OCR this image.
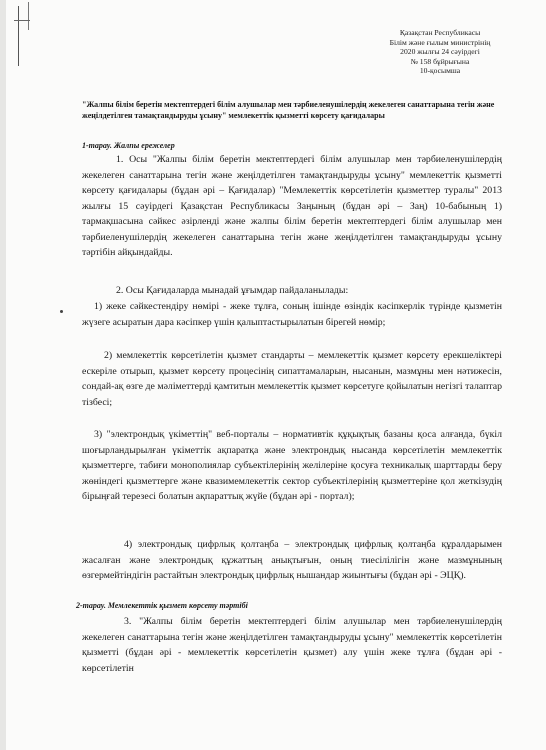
Қазақстан Республикасы
Білім және ғылым министрінің
2020 жылғы 24 сәуірдегі
№ 158 бұйрығына
10-қосымша
"Жалпы білім беретін мектептердегі білім алушылар мен тәрбиеленушілердің жекелеген санаттарына тегін және жеңілдетілген тамақтандыруды ұсыну" мемлекеттік қызметті көрсету қағидалары
1-тарау. Жалпы ережелер
1. Осы "Жалпы білім беретін мектептердегі білім алушылар мен тәрбиеленушілердің жекелеген санаттарына тегін және жеңілдетілген тамақтандыруды ұсыну" мемлекеттік қызметті көрсету қағидалары (бұдан әрі – Қағидалар) "Мемлекеттік көрсетілетін қызметтер туралы" 2013 жылғы 15 сәуірдегі Қазақстан Республикасы Заңының (бұдан әрі – Заң) 10-бабының 1) тармақшасына сәйкес әзірлендi және жалпы білім беретін мектептердегі білім алушылар мен тәрбиеленушілердің жекелеген санаттарына тегін және жеңілдетілген тамақтандыруды ұсыну тәртібін айқындайды.
2. Осы Қағидаларда мынадай ұғымдар пайдаланылады:
1) жеке сәйкестендіру нөмірі - жеке тұлға, соның ішінде өзіндік кәсіпкерлік түрінде қызметін жүзеге асыратын дара кәсіпкер үшін қалыптастырылатын бірегей нөмір;
2) мемлекеттік көрсетілетін қызмет стандарты – мемлекеттік қызмет көрсету ерекшеліктері ескеріле отырып, қызмет көрсету процесінің сипаттамаларын, нысанын, мазмұны мен нәтижесін, сондай-ақ өзге де мәліметтерді қамтитын мемлекеттік қызмет көрсетуге қойылатын негізгі талаптар тізбесі;
3) "электрондық үкіметтің" веб-порталы – нормативтік құқықтық базаны қоса алғанда, бүкіл шоғырландырылған үкіметтік ақпаратқа және электрондық нысанда көрсетілетін мемлекеттік қызметтерге, табиғи монополиялар субъектілерінің желілеріне қосуға техникалық шарттарды беру жөніндегі қызметтерге және квазимемлекеттік сектор субъектілерінің қызметтеріне қол жеткізудің бірыңғай терезесі болатын ақпараттық жүйе (бұдан әрі - портал);
4) электрондық цифрлық қолтаңба – электрондық цифрлық қолтаңба құралдарымен жасалған және электрондық құжаттың анықтығын, оның тиесілілігін және мазмұнының өзгермейтіндігін растайтын электрондық цифрлық нышандар жиынтығы (бұдан әрі - ЭЦҚ).
2-тарау. Мемлекеттік қызмет көрсету тәртібі
3. "Жалпы білім беретін мектептердегі білім алушылар мен тәрбиеленушілердің жекелеген санаттарына тегін және жеңілдетілген тамақтандыруды ұсыну" мемлекеттік көрсетілетін қызметті (бұдан әрі - мемлекеттік көрсетілетін қызмет) алу үшін жеке тұлға (бұдан әрі - көрсетілетін
